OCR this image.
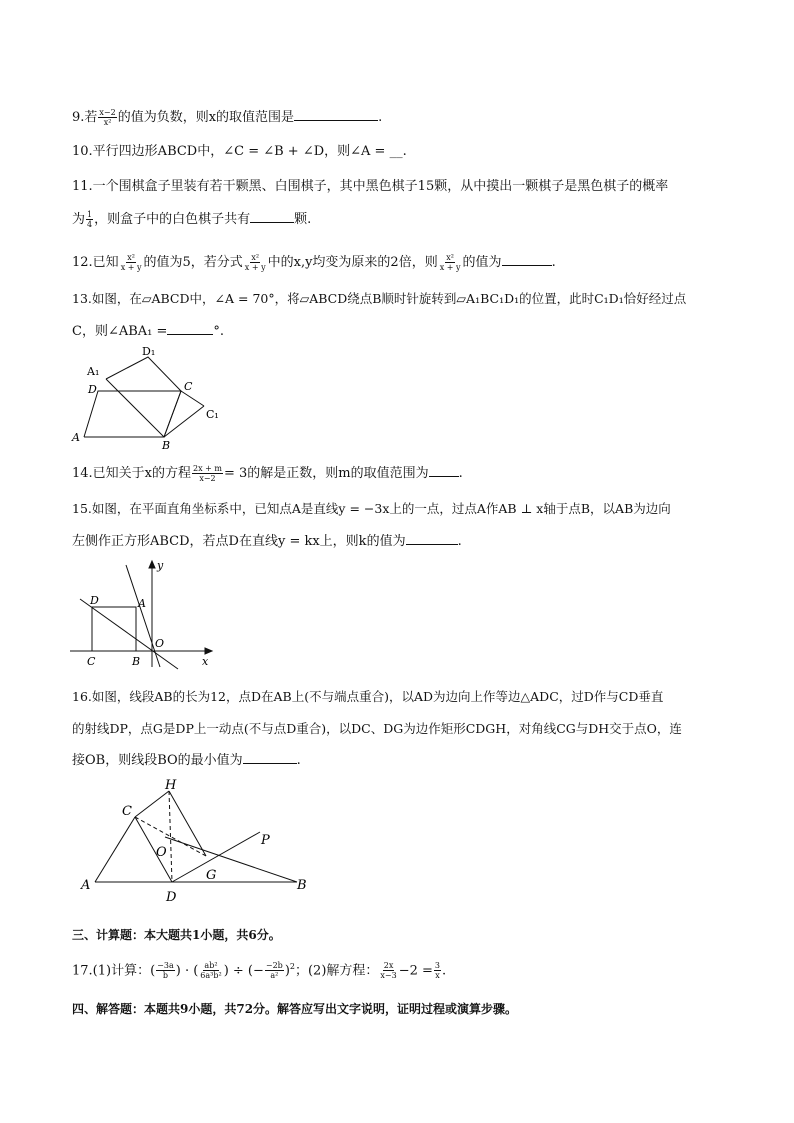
9.若 $\frac{x-2}{\text{x²}}$ 的值为负数，则x的取值范围是	.
10.平行四边形ABCD中，∠C = ∠B + ∠D，则∠A = __.
11.一个围棋盒子里装有若干颗黑、白围棋子，其中黑色棋子15颗，从中摸出一颗棋子是黑色棋子的概率
为 $\frac{1}{4}$ ，则盒子中的白色棋子共有	颗.
12.已知 $\frac{\text{x²}}{x + y}$ 的值为5，若分式 $\frac{\text{x²}}{x + y}$ 中的x,y均变为原来的2倍，则 $\frac{\text{x²}}{x + y}$ 的值为	.
13.如图，在▱ABCD中，∠A = 70°，将▱ABCD绕点B顺时针旋转到▱A₁BC₁D₁的位置，此时C₁D₁恰好经过点
C，则∠ABA₁ =	°.
D₁
A₁
D	C
C₁
A
B
14.已知关于x的方程 $\frac{2x + m}{x-2} = 3$的解是正数，则m的取值范围为 .
15.如图，在平面直角坐标系中，已知点A是直线y = −3x上的一点，过点A作AB ⊥ x轴于点B，以AB为边向
左侧作正方形ABCD，若点D在直线y = kx上，则k的值为	.
y
x
D	A
O
C	B
16.如图，线段AB的长为12，点D在AB上(不与端点重合)，以AD为边向上作等边△ADC，过D作与CD垂直
的射线DP，点G是DP上一动点(不与点D重合)，以DC、DG为边作矩形CDGH，对角线CG与DH交于点O，连
接OB，则线段BO的最小值为	.
H
C
P
O
G
A
D
B
三、计算题：本大题共1小题，共6分。
17.(1)计算：( $\frac{-3a}{b}$ ) · ( $\frac{\text{ab²}}{\text{6a³b²}}$ ) ÷ (− $\frac{-2b}{\text{a²}} )^2$；(2)解方程： $\frac{2x}{x-3} -2 = \frac{3}{x}$ .
四、解答题：本题共9小题，共72分。解答应写出文字说明，证明过程或演算步骤。
